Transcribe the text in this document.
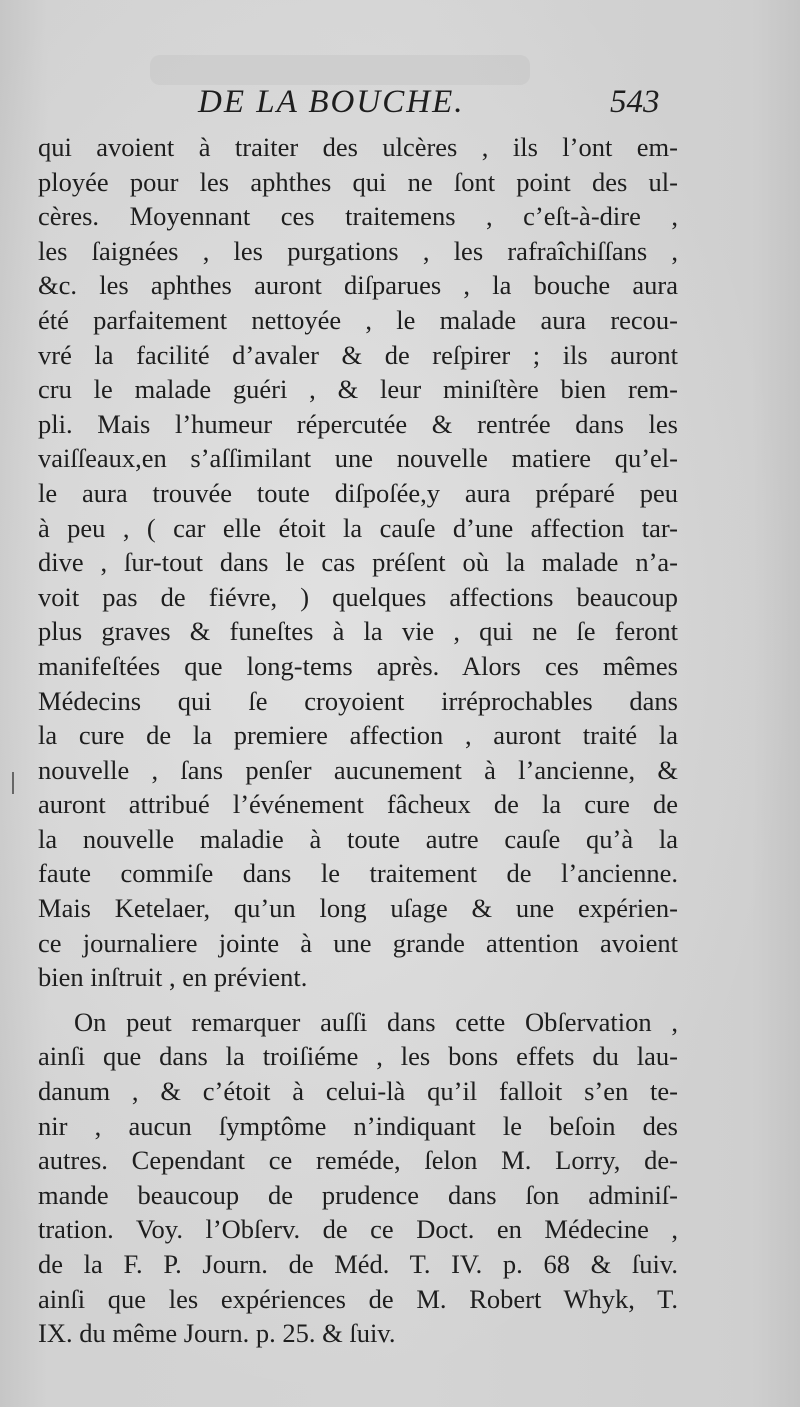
DE LA BOUCHE.	543
qui avoient à traiter des ulcères , ils l’ont em-
ployée pour les aphthes qui ne ſont point des ul-
cères. Moyennant ces traitemens , c’eſt-à-dire ,
les ſaignées , les purgations , les rafraîchiſſans ,
&c. les aphthes auront diſparues , la bouche aura
été parfaitement nettoyée , le malade aura recou-
vré la facilité d’avaler & de reſpirer ; ils auront
cru le malade guéri , & leur miniſtère bien rem-
pli. Mais l’humeur répercutée & rentrée dans les
vaiſſeaux,en s’aſſimilant une nouvelle matiere qu’el-
le aura trouvée toute diſpoſée,y aura préparé peu
à peu , ( car elle étoit la cauſe d’une affection tar-
dive , ſur-tout dans le cas préſent où la malade n’a-
voit pas de fiévre, ) quelques affections beaucoup
plus graves & funeſtes à la vie , qui ne ſe feront
manifeſtées que long-tems après. Alors ces mêmes
Médecins qui ſe croyoient irréprochables dans
la cure de la premiere affection , auront traité la
nouvelle , ſans penſer aucunement à l’ancienne, &
auront attribué l’événement fâcheux de la cure de
la nouvelle maladie à toute autre cauſe qu’à la
faute commiſe dans le traitement de l’ancienne.
Mais Ketelaer, qu’un long uſage & une expérien-
ce journaliere jointe à une grande attention avoient
bien inſtruit , en prévient.
On peut remarquer auſſi dans cette Obſervation ,
ainſi que dans la troiſiéme , les bons effets du lau-
danum , & c’étoit à celui-là qu’il falloit s’en te-
nir , aucun ſymptôme n’indiquant le beſoin des
autres. Cependant ce reméde, ſelon M. Lorry, de-
mande beaucoup de prudence dans ſon adminiſ-
tration. Voy. l’Obſerv. de ce Doct. en Médecine ,
de la F. P. Journ. de Méd. T. IV. p. 68 & ſuiv.
ainſi que les expériences de M. Robert Whyk, T.
IX. du même Journ. p. 25. & ſuiv.
